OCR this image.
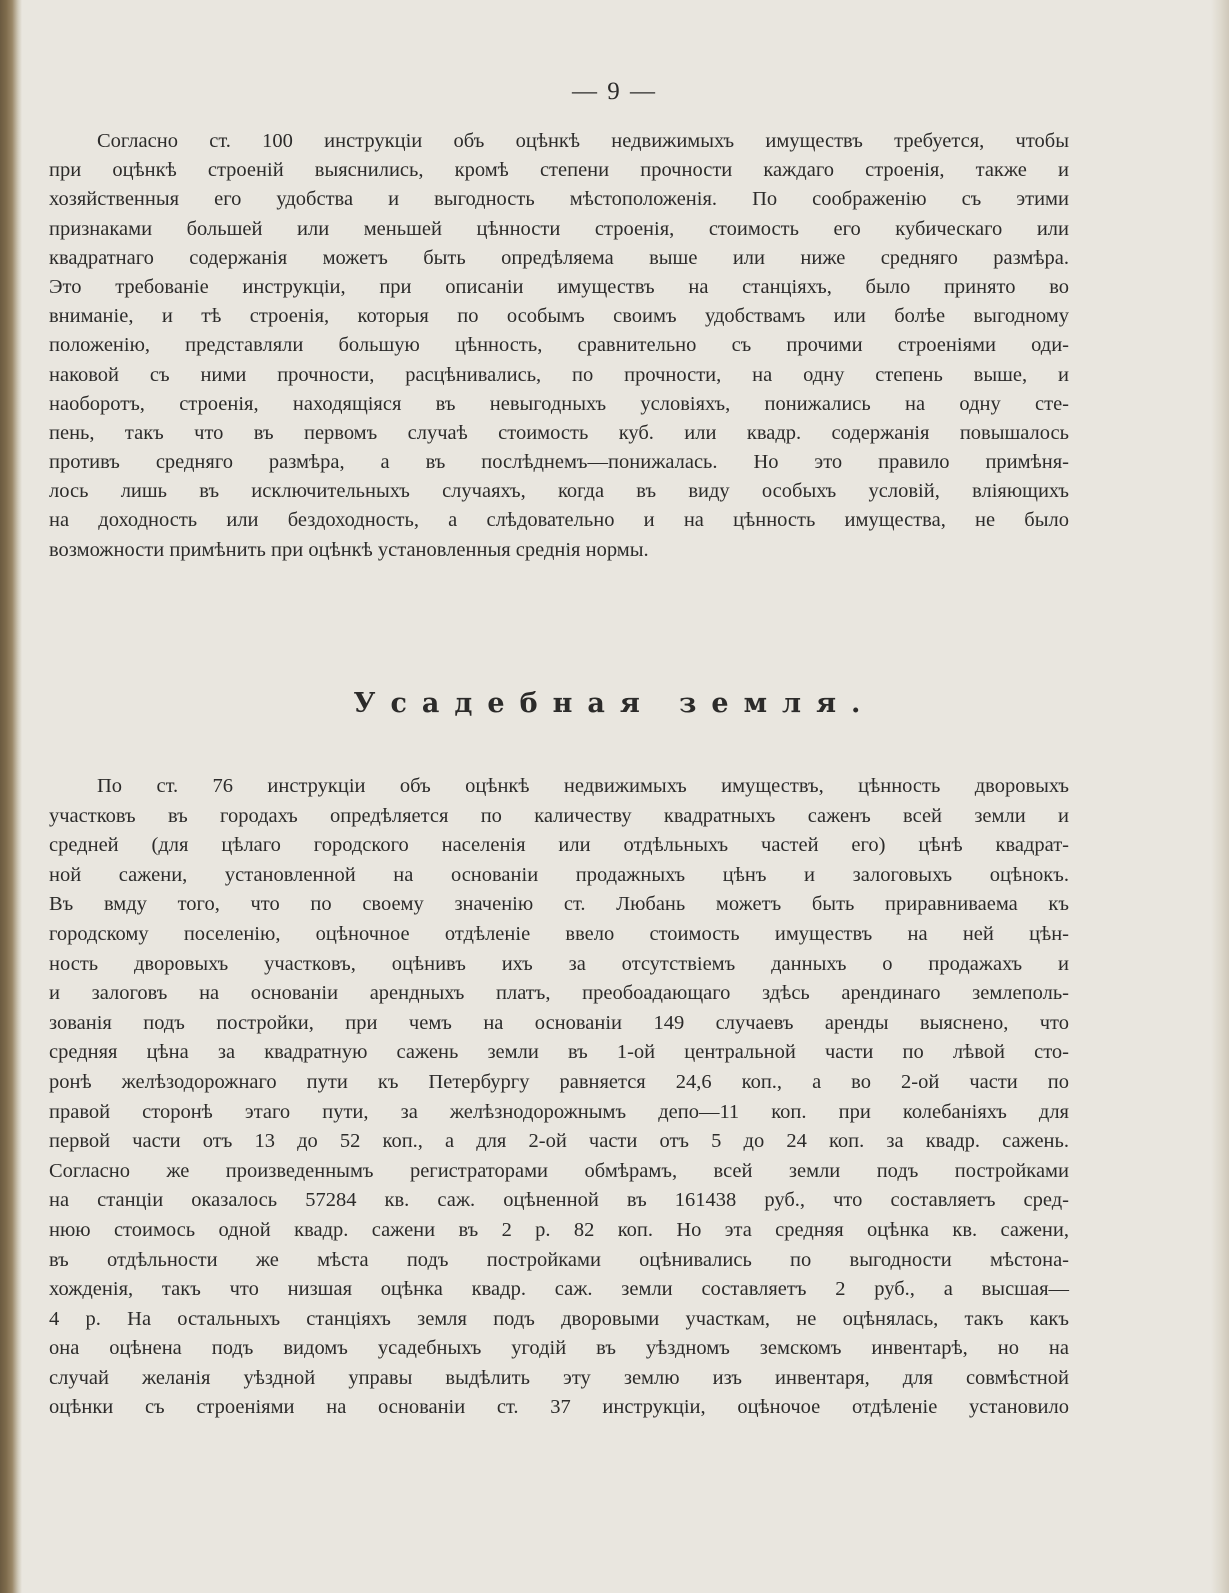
— 9 —
Согласно ст. 100 инструкціи объ оцѣнкѣ недвижимыхъ имуществъ требуется, чтобы
при оцѣнкѣ строеній выяснились, кромѣ степени прочности каждаго строенія, также и
хозяйственныя его удобства и выгодность мѣстоположенія. По соображенію съ этими
признаками большей или меньшей цѣнности строенія, стоимость его кубическаго или
квадратнаго содержанія можетъ быть опредѣляема выше или ниже средняго размѣра.
Это требованіе инструкціи, при описаніи имуществъ на станціяхъ, было принято во
вниманіе, и тѣ строенія, которыя по особымъ своимъ удобствамъ или болѣе выгодному
положенію, представляли большую цѣнность, сравнительно съ прочими строеніями оди-
наковой съ ними прочности, расцѣнивались, по прочности, на одну степень выше, и
наоборотъ, строенія, находящіяся въ невыгодныхъ условіяхъ, понижались на одну сте-
пень, такъ что въ первомъ случаѣ стоимость куб. или квадр. содержанія повышалось
противъ средняго размѣра, а въ послѣднемъ—понижалась. Но это правило примѣня-
лось лишь въ исключительныхъ случаяхъ, когда въ виду особыхъ условій, вліяющихъ
на доходность или бездоходность, а слѣдовательно и на цѣнность имущества, не было
возможности примѣнить при оцѣнкѣ установленныя среднія нормы.
Усадебная земля.
По ст. 76 инструкціи объ оцѣнкѣ недвижимыхъ имуществъ, цѣнность дворовыхъ
участковъ въ городахъ опредѣляется по каличеству квадратныхъ саженъ всей земли и
средней (для цѣлаго городского населенія или отдѣльныхъ частей его) цѣнѣ квадрат-
ной сажени, установленной на основаніи продажныхъ цѣнъ и залоговыхъ оцѣнокъ.
Въ вмду того, что по своему значенію ст. Любань можетъ быть приравниваема къ
городскому поселенію, оцѣночное отдѣленіе ввело стоимость имуществъ на ней цѣн-
ность дворовыхъ участковъ, оцѣнивъ ихъ за отсутствіемъ данныхъ о продажахъ и
и залоговъ на основаніи арендныхъ платъ, преобоадающаго здѣсь арендинаго землеполь-
зованія подъ постройки, при чемъ на основаніи 149 случаевъ аренды выяснено, что
средняя цѣна за квадратную сажень земли въ 1-ой центральной части по лѣвой сто-
ронѣ желѣзодорожнаго пути къ Петербургу равняется 24,6 коп., а во 2-ой части по
правой сторонѣ этаго пути, за желѣзнодорожнымъ депо—11 коп. при колебаніяхъ для
первой части отъ 13 до 52 коп., а для 2-ой части отъ 5 до 24 коп. за квадр. сажень.
Согласно же произведеннымъ регистраторами обмѣрамъ, всей земли подъ постройками
на станціи оказалось 57284 кв. саж. оцѣненной въ 161438 руб., что составляетъ сред-
нюю стоимось одной квадр. сажени въ 2 р. 82 коп. Но эта средняя оцѣнка кв. сажени,
въ отдѣльности же мѣста подъ постройками оцѣнивались по выгодности мѣстона-
хожденія, такъ что низшая оцѣнка квадр. саж. земли составляетъ 2 руб., а высшая—
4 р. На остальныхъ станціяхъ земля подъ дворовыми участкам, не оцѣнялась, такъ какъ
она оцѣнена подъ видомъ усадебныхъ угодій въ уѣздномъ земскомъ инвентарѣ, но на
случай желанія уѣздной управы выдѣлить эту землю изъ инвентаря, для совмѣстной
оцѣнки съ строеніями на основаніи ст. 37 инструкціи, оцѣночое отдѣленіе установило
